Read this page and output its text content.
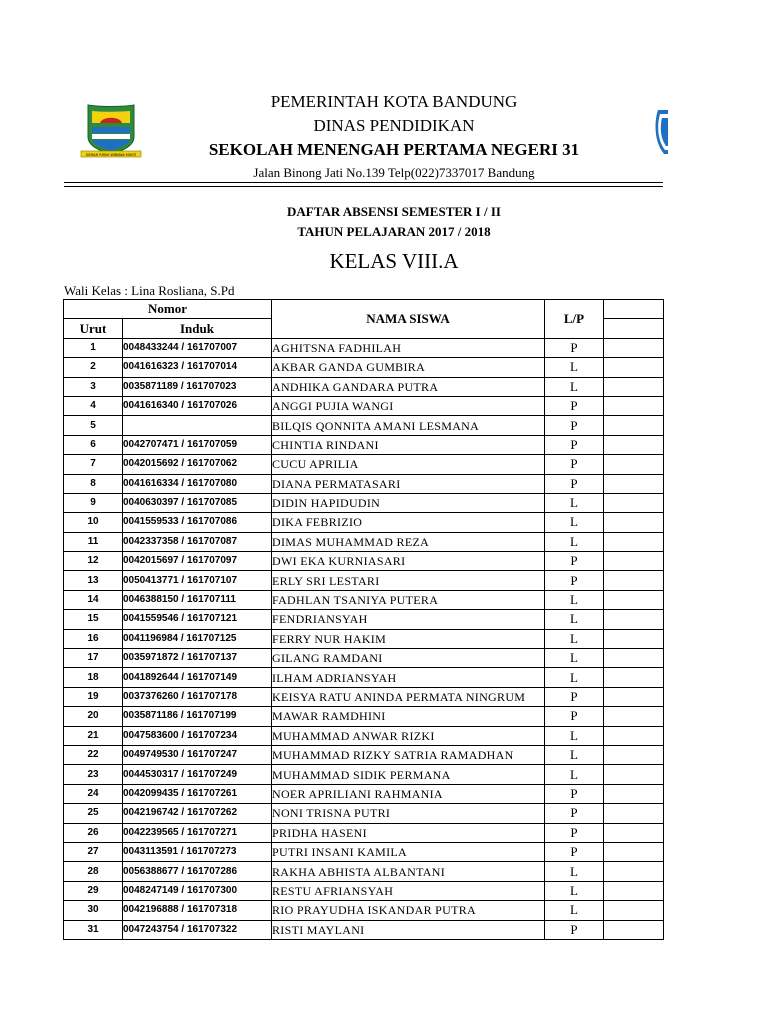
GEMAH RIPAH WIBAWA MUKTI
PEMERINTAH KOTA BANDUNG
DINAS PENDIDIKAN
SEKOLAH MENENGAH PERTAMA NEGERI 31
Jalan Binong Jati No.139 Telp(022)7337017 Bandung
DAFTAR ABSENSI SEMESTER I / II
TAHUN PELAJARAN 2017 / 2018
KELAS VIII.A
Wali Kelas : Lina Rosliana, S.Pd
Nomor		NAMA SISWA	L/P	
Urut	Induk			
1	0048433244 / 161707007	AGHITSNA FADHILAH	P	
2	0041616323 / 161707014	AKBAR GANDA GUMBIRA	L	
3	0035871189 / 161707023	ANDHIKA GANDARA PUTRA	L	
4	0041616340 / 161707026	ANGGI PUJIA WANGI	P	
5		BILQIS QONNITA AMANI LESMANA	P	
6	0042707471 / 161707059	CHINTIA RINDANI	P	
7	0042015692 / 161707062	CUCU APRILIA	P	
8	0041616334 / 161707080	DIANA PERMATASARI	P	
9	0040630397 / 161707085	DIDIN HAPIDUDIN	L	
10	0041559533 / 161707086	DIKA FEBRIZIO	L	
11	0042337358 / 161707087	DIMAS MUHAMMAD REZA	L	
12	0042015697 / 161707097	DWI EKA KURNIASARI	P	
13	0050413771 / 161707107	ERLY SRI LESTARI	P	
14	0046388150 / 161707111	FADHLAN TSANIYA PUTERA	L	
15	0041559546 / 161707121	FENDRIANSYAH	L	
16	0041196984 / 161707125	FERRY NUR HAKIM	L	
17	0035971872 / 161707137	GILANG RAMDANI	L	
18	0041892644 / 161707149	ILHAM ADRIANSYAH	L	
19	0037376260 / 161707178	KEISYA RATU ANINDA PERMATA NINGRUM	P	
20	0035871186 / 161707199	MAWAR RAMDHINI	P	
21	0047583600 / 161707234	MUHAMMAD ANWAR RIZKI	L	
22	0049749530 / 161707247	MUHAMMAD RIZKY SATRIA RAMADHAN	L	
23	0044530317 / 161707249	MUHAMMAD SIDIK PERMANA	L	
24	0042099435 / 161707261	NOER APRILIANI RAHMANIA	P	
25	0042196742 / 161707262	NONI TRISNA PUTRI	P	
26	0042239565 / 161707271	PRIDHA HASENI	P	
27	0043113591 / 161707273	PUTRI INSANI KAMILA	P	
28	0056388677 / 161707286	RAKHA ABHISTA ALBANTANI	L	
29	0048247149 / 161707300	RESTU AFRIANSYAH	L	
30	0042196888 / 161707318	RIO PRAYUDHA ISKANDAR PUTRA	L	
31	0047243754 / 161707322	RISTI MAYLANI	P	
